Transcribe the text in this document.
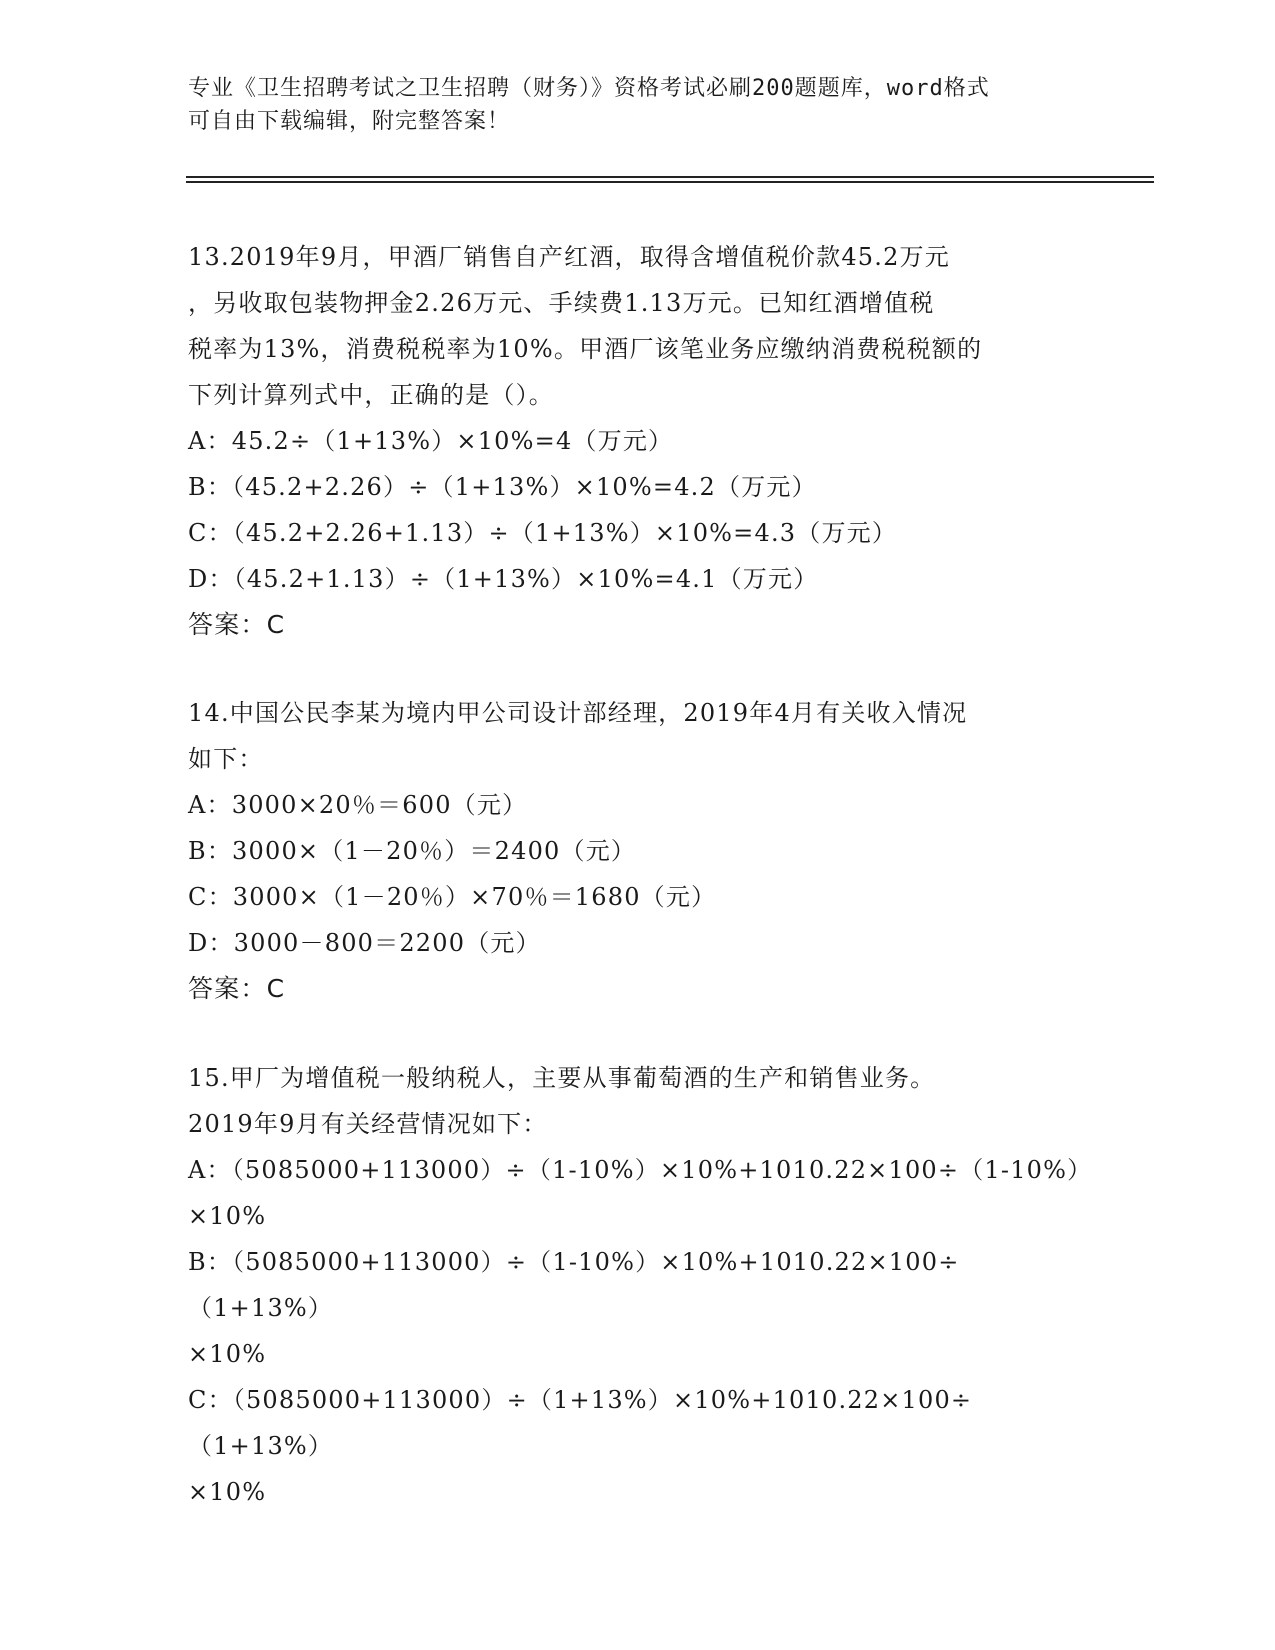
专业《卫生招聘考试之卫生招聘（财务）》资格考试必刷200题题库，word格式
可自由下载编辑，附完整答案！
13.2019年9月，甲酒厂销售自产红酒，取得含增值税价款45.2万元
，另收取包装物押金2.26万元、手续费1.13万元。已知红酒增值税
税率为13%，消费税税率为10%。甲酒厂该笔业务应缴纳消费税税额的
下列计算列式中，正确的是（）。
A：45.2÷（1+13%）×10%=4（万元）
B：（45.2+2.26）÷（1+13%）×10%=4.2（万元）
C：（45.2+2.26+1.13）÷（1+13%）×10%=4.3（万元）
D：（45.2+1.13）÷（1+13%）×10%=4.1（万元）
答案：C
14.中国公民李某为境内甲公司设计部经理，2019年4月有关收入情况
如下：
A：3000×20％＝600（元）
B：3000×（1－20％）＝2400（元）
C：3000×（1－20％）×70％＝1680（元）
D：3000－800＝2200（元）
答案：C
15.甲厂为增值税一般纳税人，主要从事葡萄酒的生产和销售业务。
2019年9月有关经营情况如下：
A：（5085000+113000）÷（1-10%）×10%+1010.22×100÷（1-10%）
×10%
B：（5085000+113000）÷（1-10%）×10%+1010.22×100÷（1+13%）
×10%
C：（5085000+113000）÷（1+13%）×10%+1010.22×100÷（1+13%）
×10%
